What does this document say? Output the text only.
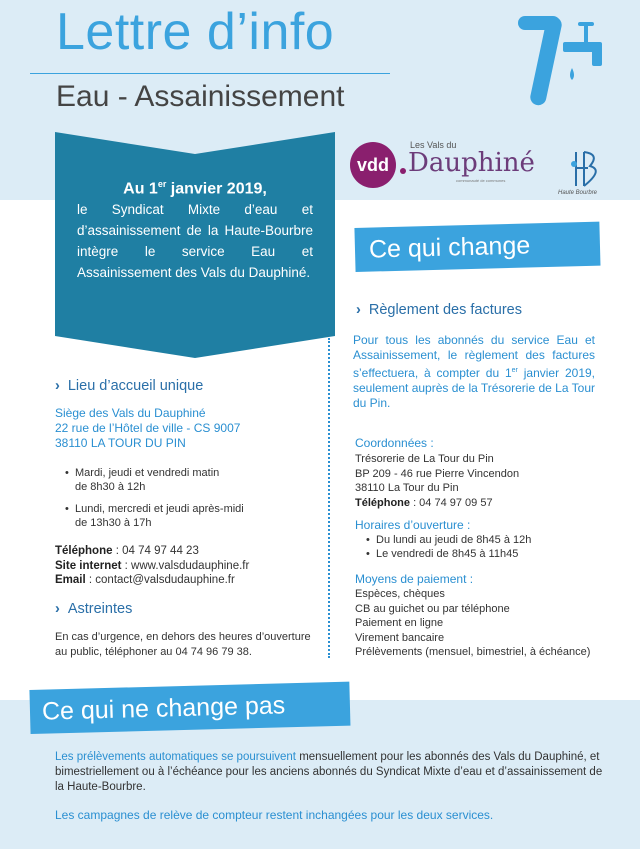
Lettre d’info
Eau - Assainissement
Au 1er janvier 2019,
le Syndicat Mixte d’eau et d’assainissement de la Haute-Bourbre intègre le service Eau et Assainissement des Vals du Dauphiné.
vdd
Les Vals du
Dauphiné
communauté de communes
Haute Bourbre
Ce qui change
› Lieu d’accueil unique
Siège des Vals du Dauphiné
22 rue de l’Hôtel de ville - CS 9007
38110 LA TOUR DU PIN
• Mardi, jeudi et vendredi matin
de 8h30 à 12h
• Lundi, mercredi et jeudi après-midi
de 13h30 à 17h
Téléphone : 04 74 97 44 23
Site internet : www.valsdudauphine.fr
Email : contact@valsdudauphine.fr
› Astreintes
En cas d’urgence, en dehors des heures d’ouverture
au public, téléphoner au 04 74 96 79 38.
› Règlement des factures
Pour tous les abonnés du service Eau et Assainissement, le règlement des factures s’effectuera, à compter du 1er janvier 2019, seulement auprès de la Trésorerie de La Tour du Pin.
Coordonnées :
Trésorerie de La Tour du Pin
BP 209 - 46 rue Pierre Vincendon
38110 La Tour du Pin
Téléphone : 04 74 97 09 57
Horaires d’ouverture :
• Du lundi au jeudi de 8h45 à 12h
• Le vendredi de 8h45 à 11h45
Moyens de paiement :
Espèces, chèques
CB au guichet ou par téléphone
Paiement en ligne
Virement bancaire
Prélèvements (mensuel, bimestriel, à échéance)
Ce qui ne change pas
Les prélèvements automatiques se poursuivent mensuellement pour les abonnés des Vals du Dauphiné, et bimestriellement ou à l’échéance pour les anciens abonnés du Syndicat Mixte d’eau et d’assainissement de la Haute-Bourbre.
Les campagnes de relève de compteur restent inchangées pour les deux services.
